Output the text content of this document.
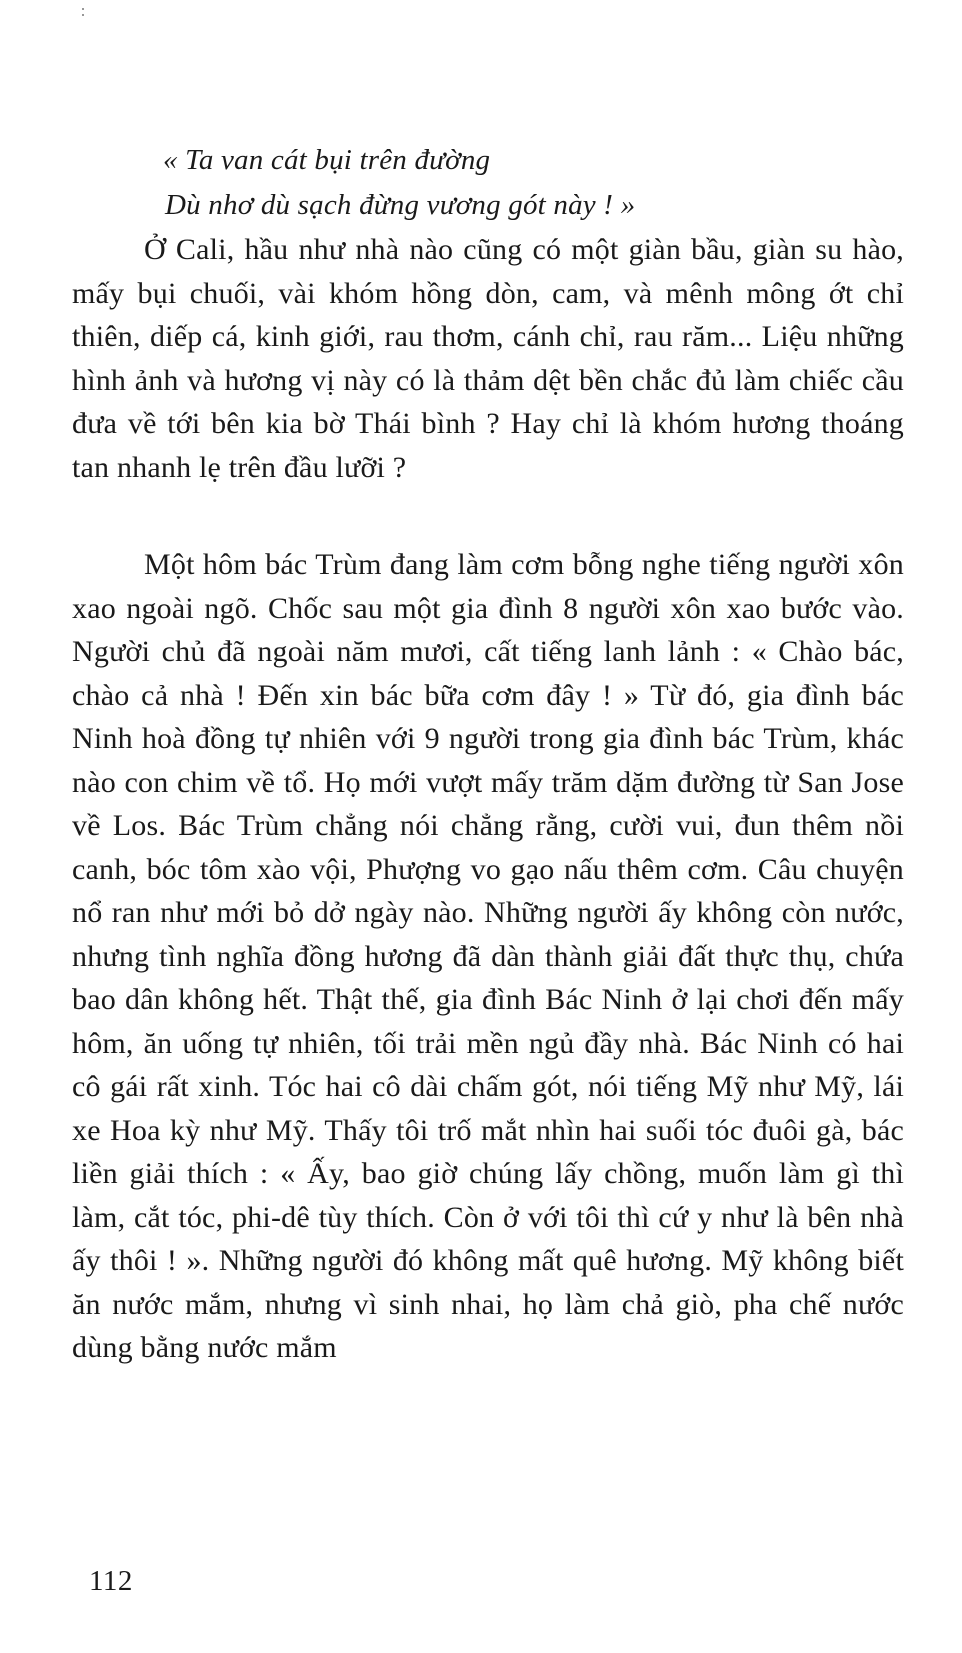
« Ta van cát bụi trên đường
Dù nhơ dù sạch đừng vương gót này ! »

Ở Cali, hầu như nhà nào cũng có một giàn bầu, giàn su hào, mấy bụi chuối, vài khóm hồng dòn, cam, và mênh mông ớt chỉ thiên, diếp cá, kinh giới, rau thơm, cánh chỉ, rau răm... Liệu những hình ảnh và hương vị này có là thảm dệt bền chắc đủ làm chiếc cầu đưa về tới bên kia bờ Thái bình ? Hay chỉ là khóm hương thoáng tan nhanh lẹ trên đầu lưỡi ?

Một hôm bác Trùm đang làm cơm bỗng nghe tiếng người xôn xao ngoài ngõ. Chốc sau một gia đình 8 người xôn xao bước vào. Người chủ đã ngoài năm mươi, cất tiếng lanh lảnh : « Chào bác, chào cả nhà ! Đến xin bác bữa cơm đây ! » Từ đó, gia đình bác Ninh hoà đồng tự nhiên với 9 người trong gia đình bác Trùm, khác nào con chim về tổ. Họ mới vượt mấy trăm dặm đường từ San Jose về Los. Bác Trùm chẳng nói chẳng rằng, cười vui, đun thêm nồi canh, bóc tôm xào vội, Phượng vo gạo nấu thêm cơm. Câu chuyện nổ ran như mới bỏ dở ngày nào. Những người ấy không còn nước, nhưng tình nghĩa đồng hương đã dàn thành giải đất thực thụ, chứa bao dân không hết. Thật thế, gia đình Bác Ninh ở lại chơi đến mấy hôm, ăn uống tự nhiên, tối trải mền ngủ đầy nhà. Bác Ninh có hai cô gái rất xinh. Tóc hai cô dài chấm gót, nói tiếng Mỹ như Mỹ, lái xe Hoa kỳ như Mỹ. Thấy tôi trố mắt nhìn hai suối tóc đuôi gà, bác liền giải thích : « Ấy, bao giờ chúng lấy chồng, muốn làm gì thì làm, cắt tóc, phi-dê tùy thích. Còn ở với tôi thì cứ y như là bên nhà ấy thôi ! ». Những người đó không mất quê hương. Mỹ không biết ăn nước mắm, nhưng vì sinh nhai, họ làm chả giò, pha chế nước dùng bằng nước mắm

112
